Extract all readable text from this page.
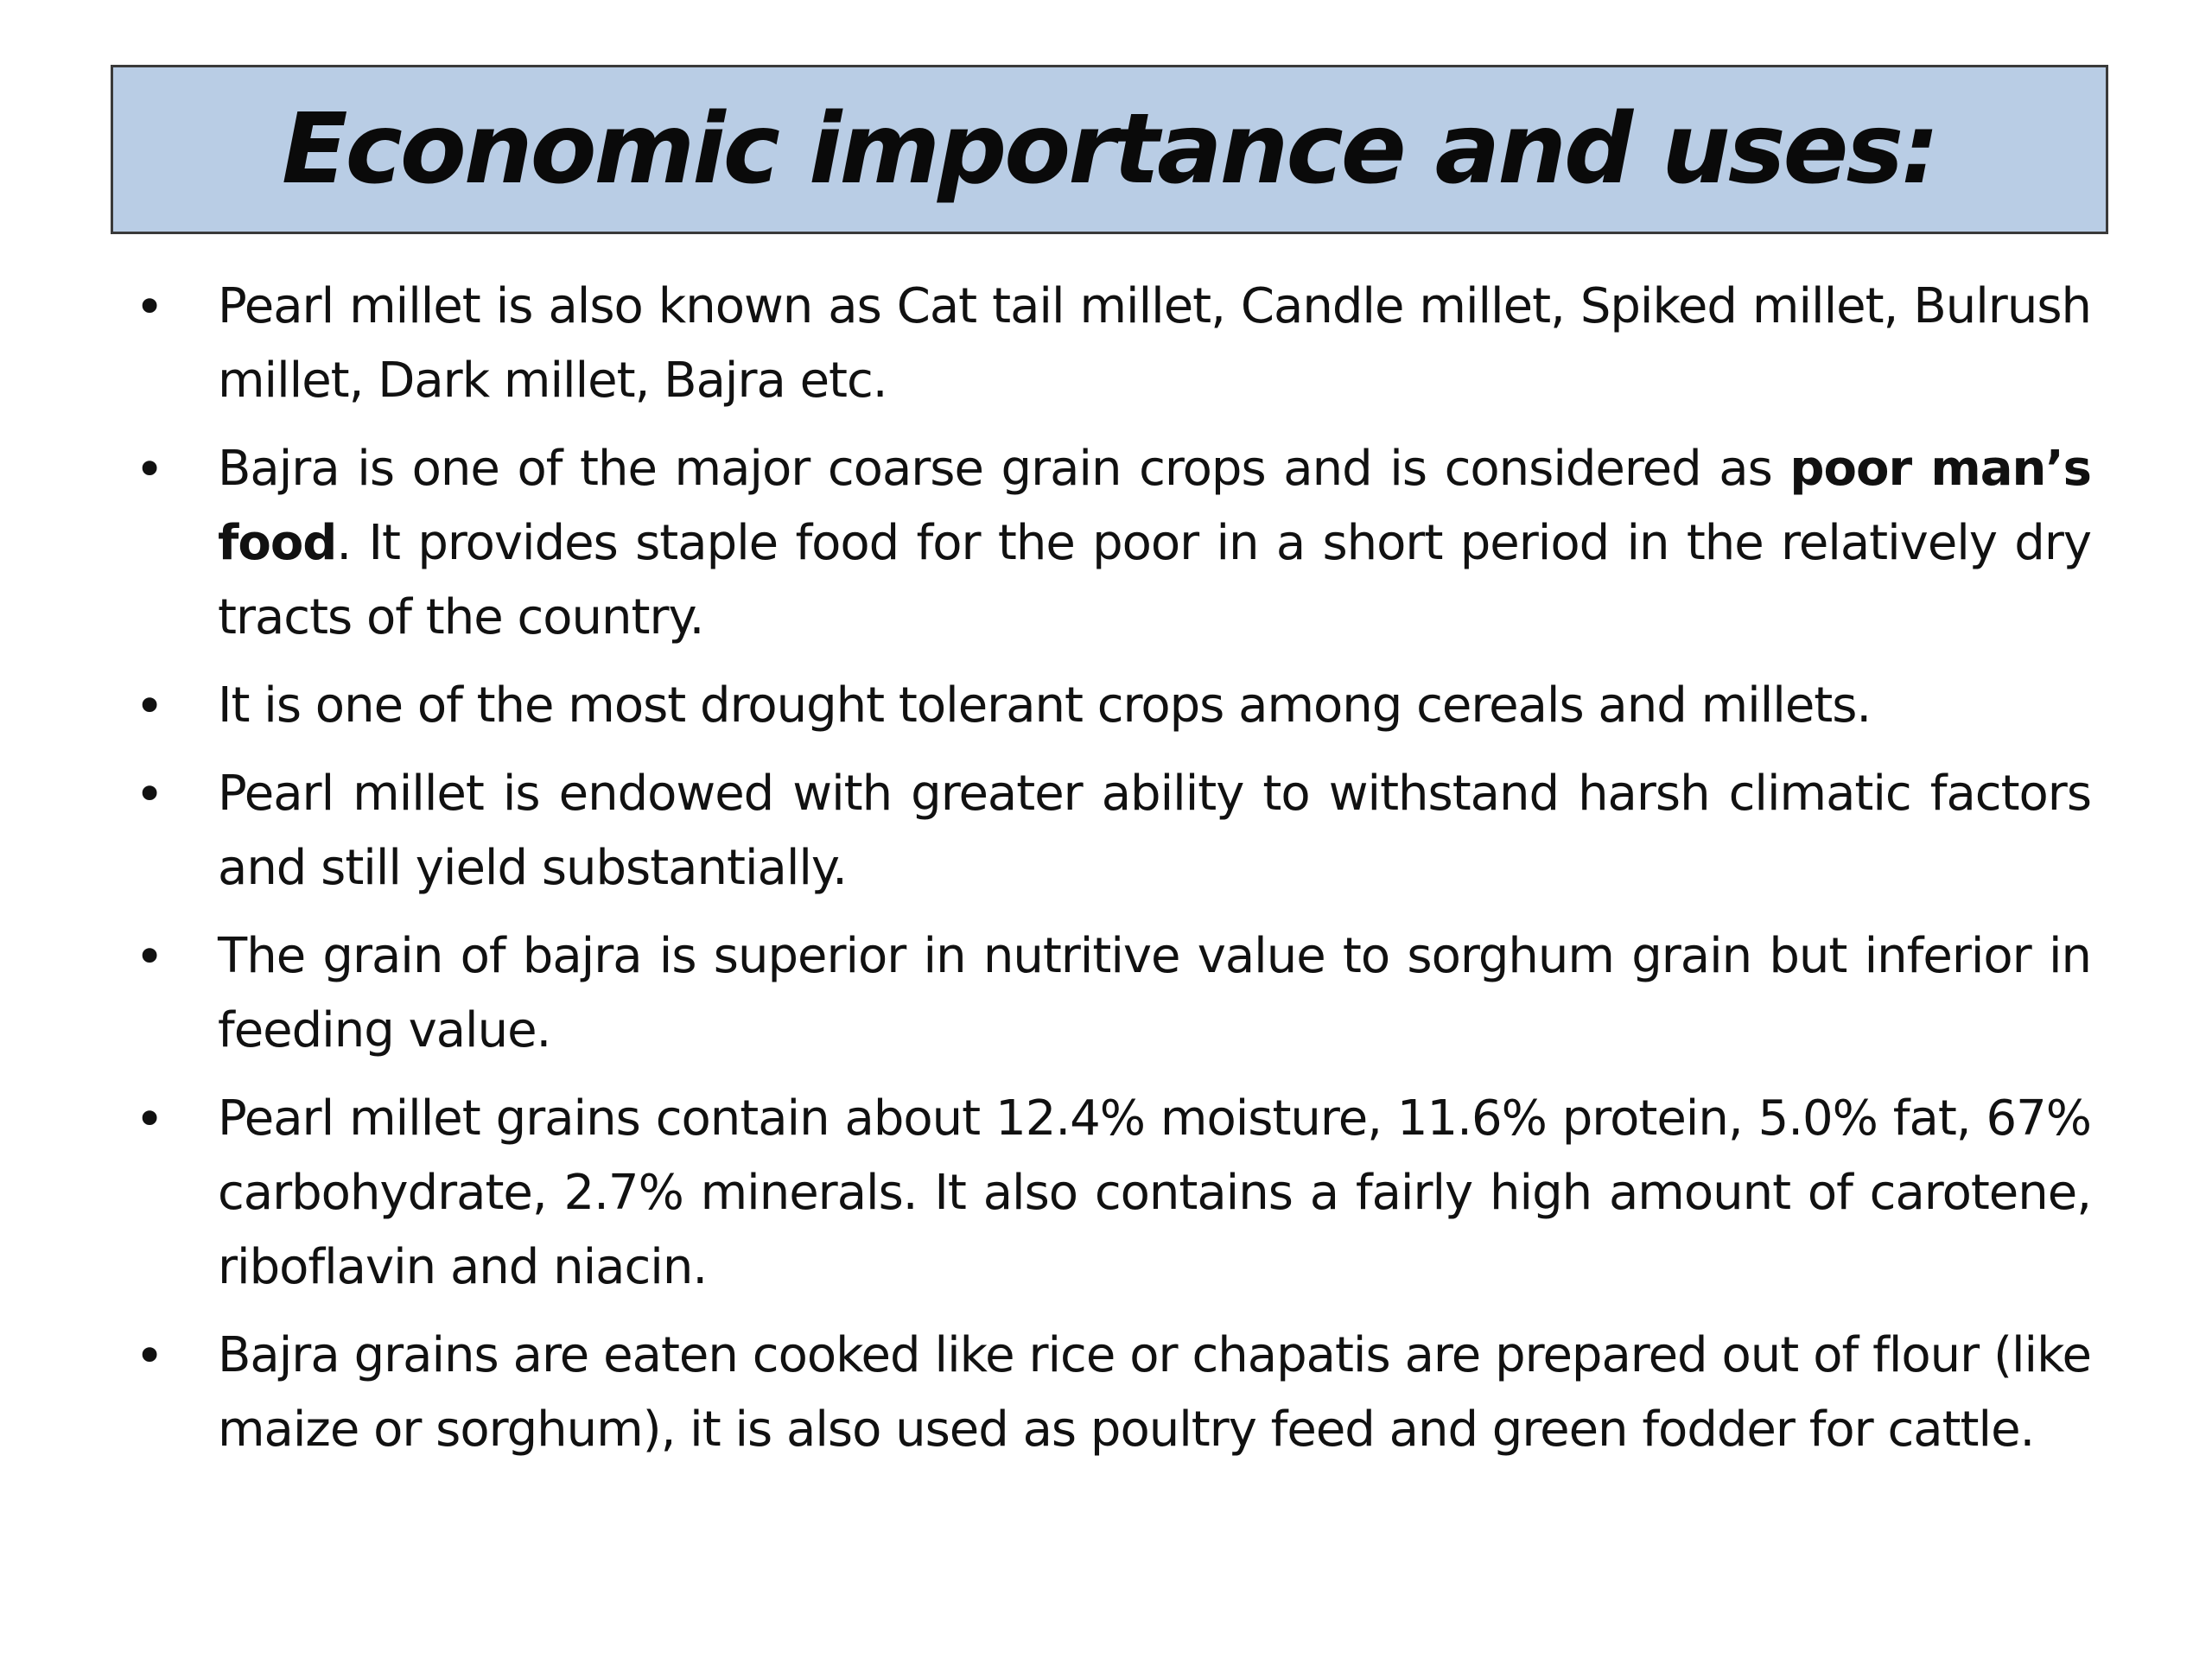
Economic importance and uses:
•	Pearl millet is also known as Cat tail millet, Candle millet, Spiked millet, Bulrush millet, Dark millet, Bajra etc.
•	Bajra is one of the major coarse grain crops and is considered as poor man’s food. It provides staple food for the poor in a short period in the relatively dry tracts of the country.
•	It is one of the most drought tolerant crops among cereals and millets.
•	Pearl millet is endowed with greater ability to withstand harsh climatic factors and still yield substantially.
•	The grain of bajra is superior in nutritive value to sorghum grain but inferior in feeding value.
•	Pearl millet grains contain about 12.4% moisture, 11.6% protein, 5.0% fat, 67% carbohydrate, 2.7% minerals. It also contains a fairly high amount of carotene, riboflavin and niacin.
•	Bajra grains are eaten cooked like rice or chapatis are prepared out of flour (like maize or sorghum), it is also used as poultry feed and green fodder for cattle.
